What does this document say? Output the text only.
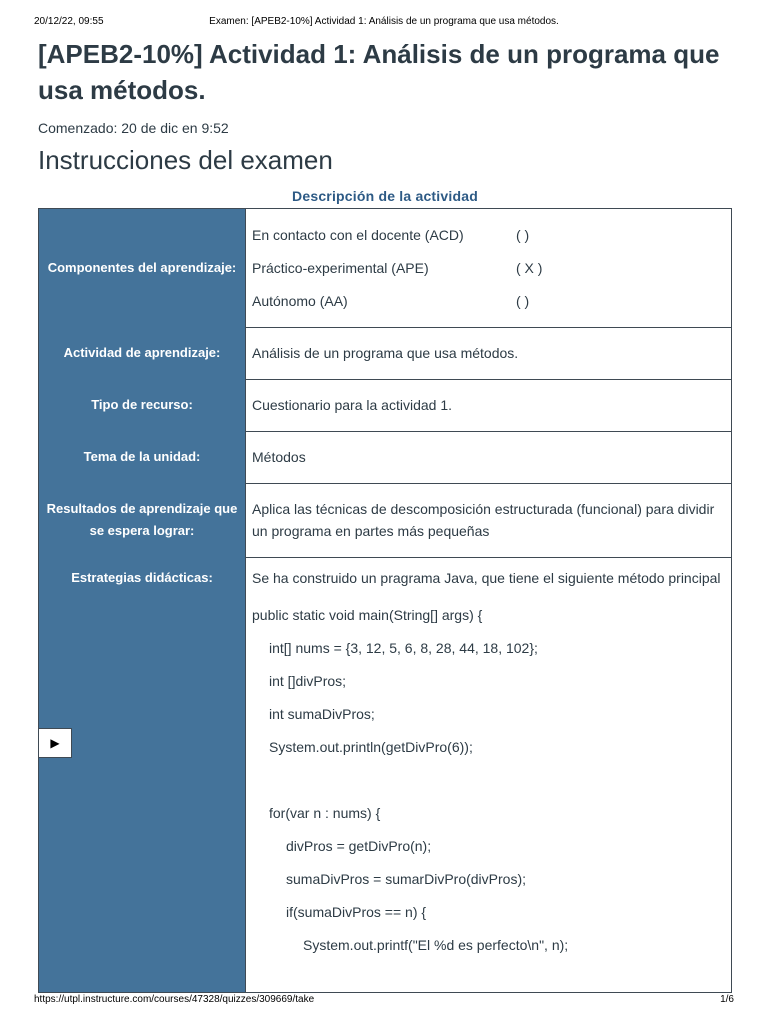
20/12/22, 09:55	Examen: [APEB2-10%] Actividad 1: Análisis de un programa que usa métodos.
[APEB2-10%] Actividad 1: Análisis de un programa que usa métodos.
Comenzado: 20 de dic en 9:52
Instrucciones del examen
Descripción de la actividad
Componentes del aprendizaje:
En contacto con el docente (ACD)	( )
Práctico-experimental (APE)	( X )
Autónomo (AA)	( )
Actividad de aprendizaje:	Análisis de un programa que usa métodos.
Tipo de recurso:	Cuestionario para la actividad 1.
Tema de la unidad:	Métodos
Resultados de aprendizaje que se espera lograr:
Aplica las técnicas de descomposición estructurada (funcional) para dividir un programa en partes más pequeñas
Estrategias didácticas:	Se ha construido un pragrama Java, que tiene el siguiente método principal

public static void main(String[] args) {
int[] nums = {3, 12, 5, 6, 8, 28, 44, 18, 102};
int []divPros;
int sumaDivPros;
System.out.println(getDivPro(6));
for(var n : nums) {
divPros = getDivPro(n);
sumaDivPros = sumarDivPro(divPros);
if(sumaDivPros == n) {
System.out.printf("El %d es perfecto\n", n);
▶
https://utpl.instructure.com/courses/47328/quizzes/309669/take	1/6
